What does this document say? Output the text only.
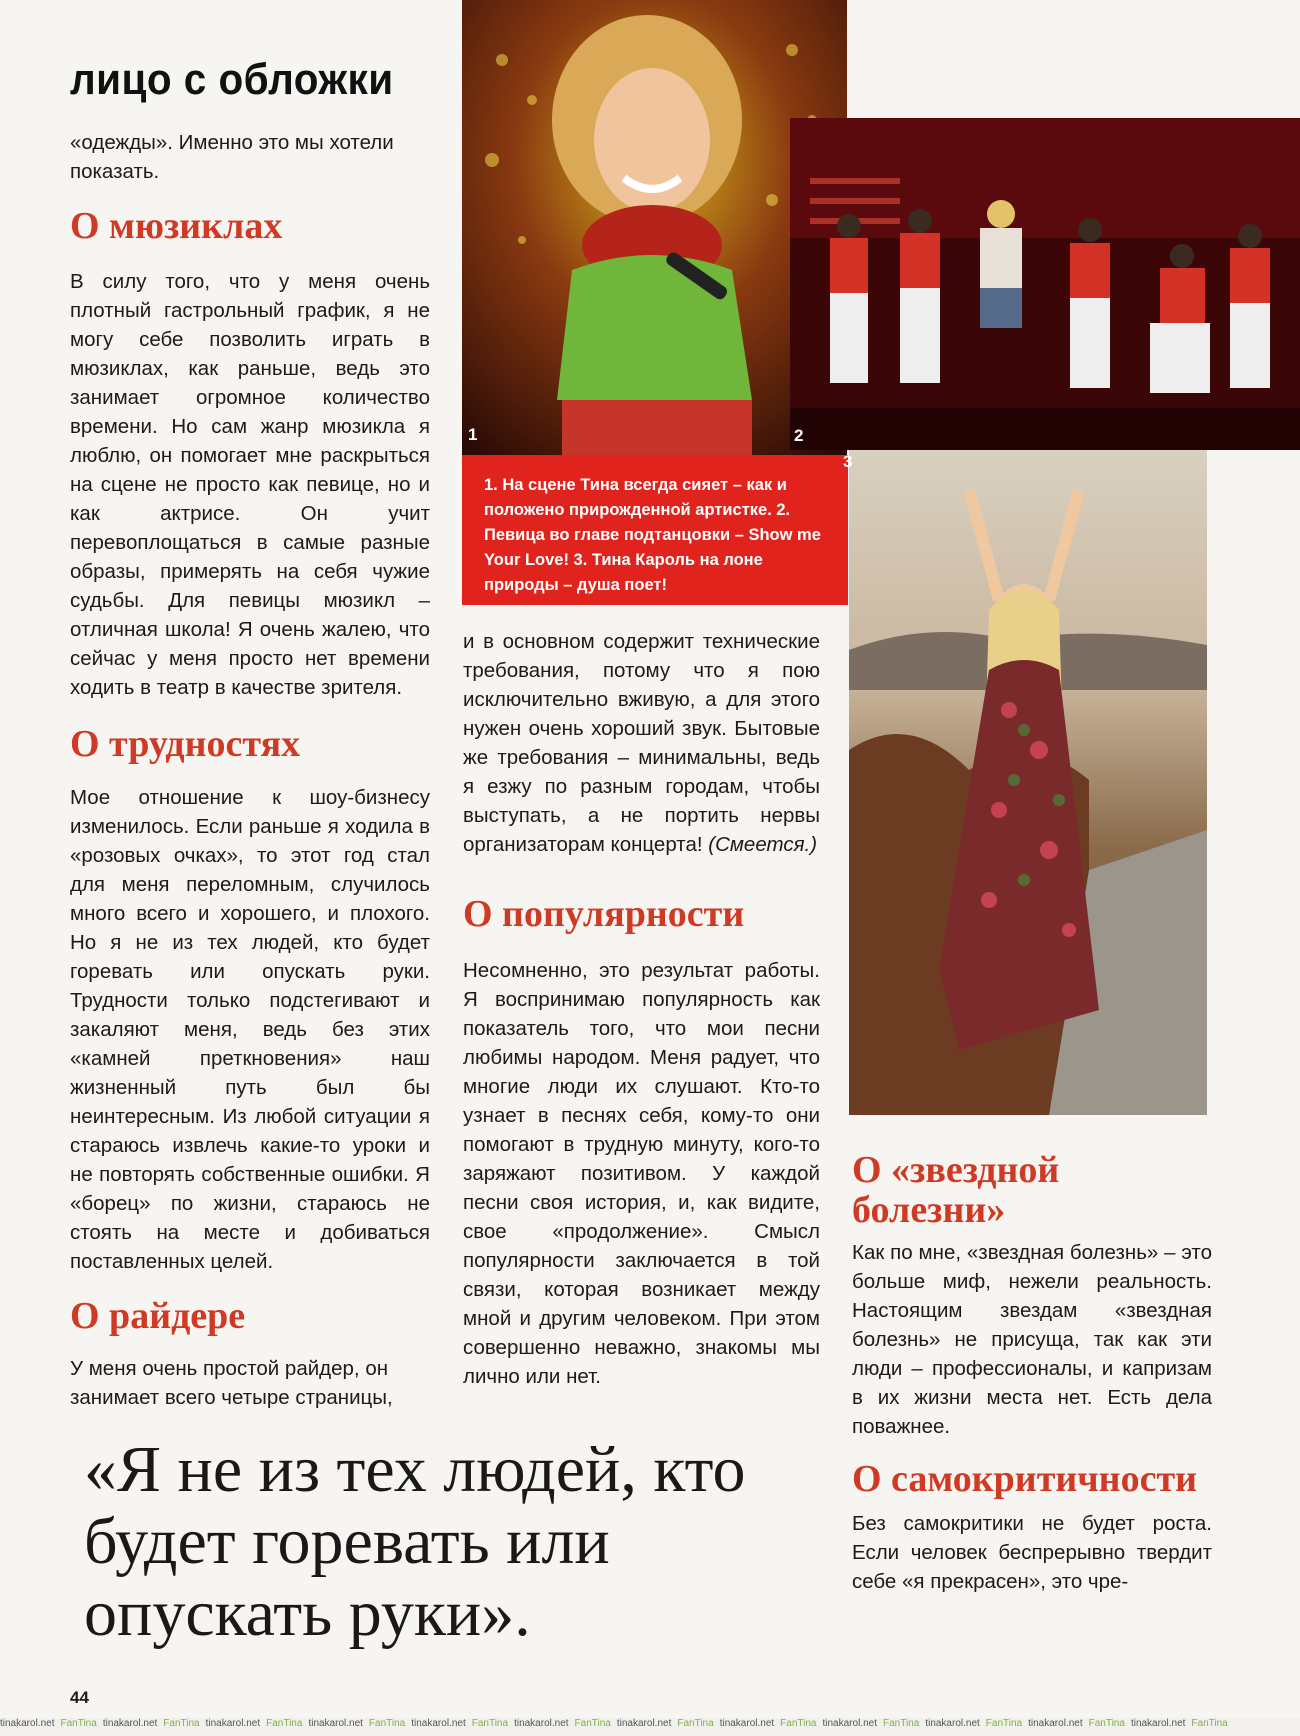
лицо с обложки

«одежды». Именно это мы хотели показать.

О мюзиклах

В силу того, что у меня очень плотный гастрольный график, я не могу себе позволить играть в мюзиклах, как раньше, ведь это занимает огромное количество времени. Но сам жанр мюзикла я люблю, он помогает мне раскрыться на сцене не просто как певице, но и как актрисе. Он учит перевоплощаться в самые разные образы, примерять на себя чужие судьбы. Для певицы мюзикл – отличная школа! Я очень жалею, что сейчас у меня просто нет времени ходить в театр в качестве зрителя.

О трудностях

Мое отношение к шоу-бизнесу изменилось. Если раньше я ходила в «розовых очках», то этот год стал для меня переломным, случилось много всего и хорошего, и плохого. Но я не из тех людей, кто будет горевать или опускать руки. Трудности только подстегивают и закаляют меня, ведь без этих «камней преткновения» наш жизненный путь был бы неинтересным. Из любой ситуации я стараюсь извлечь какие-то уроки и не повторять собственные ошибки. Я «борец» по жизни, стараюсь не стоять на месте и добиваться поставленных целей.

О райдере

У меня очень простой райдер, он занимает всего четыре страницы,

1	2
1. На сцене Тина всегда сияет – как и положено прирожденной артистке. 2. Певица во главе подтанцовки – Show me Your Love! 3. Тина Кароль на лоне природы – душа поет!
3

и в основном содержит технические требования, потому что я пою исключительно вживую, а для этого нужен очень хороший звук. Бытовые же требования – минимальны, ведь я езжу по разным городам, чтобы выступать, а не портить нервы организаторам концерта! (Смеется.)

О популярности

Несомненно, это результат работы. Я воспринимаю популярность как показатель того, что мои песни любимы народом. Меня радует, что многие люди их слушают. Кто-то узнает в песнях себя, кому-то они помогают в трудную минуту, кого-то заряжают позитивом. У каждой песни своя история, и, как видите, свое «продолжение». Смысл популярности заключается в той связи, которая возникает между мной и другим человеком. При этом совершенно неважно, знакомы мы лично или нет.

О «звездной болезни»

Как по мне, «звездная болезнь» – это больше миф, нежели реальность. Настоящим звездам «звездная болезнь» не присуща, так как эти люди – профессионалы, и капризам в их жизни места нет. Есть дела поважнее.

О самокритичности

Без самокритики не будет роста. Если человек беспрерывно твердит себе «я прекрасен», это чре-

«Я не из тех людей, кто будет горевать или опускать руки».
44
tinakarol.net FanTina tinakarol.net FanTina tinakarol.net FanTina tinakarol.net FanTina tinakarol.net FanTina tinakarol.net FanTina tinakarol.net FanTina tinakarol.net FanTina tinakarol.net FanTina tinakarol.net FanTina tinakarol.net FanTina tinakarol.net FanTina
